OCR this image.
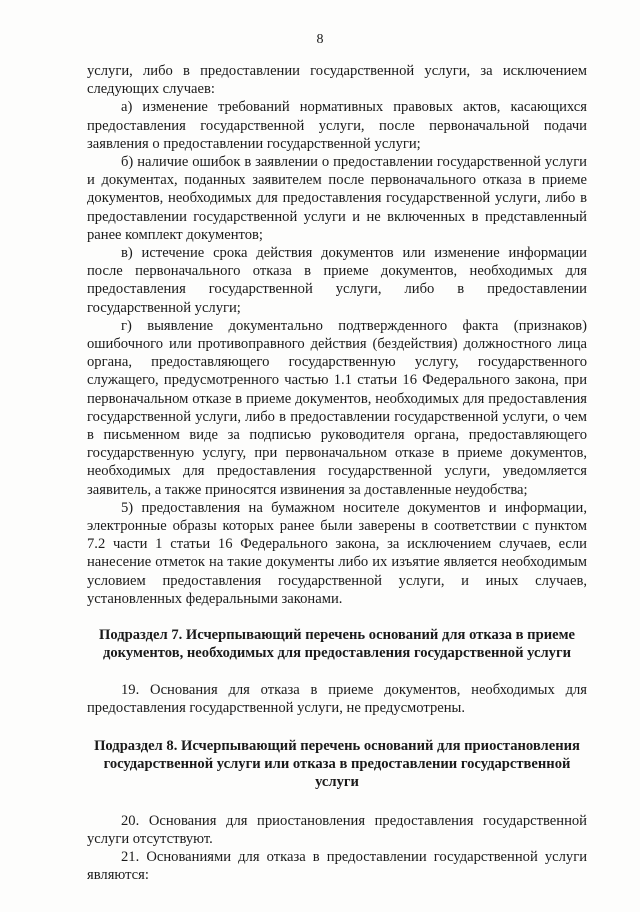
8

услуги, либо в предоставлении государственной услуги, за исключением следующих случаев:

а) изменение требований нормативных правовых актов, касающихся предоставления государственной услуги, после первоначальной подачи заявления о предоставлении государственной услуги;

б) наличие ошибок в заявлении о предоставлении государственной услуги и документах, поданных заявителем после первоначального отказа в приеме документов, необходимых для предоставления государственной услуги, либо в предоставлении государственной услуги и не включенных в представленный ранее комплект документов;

в) истечение срока действия документов или изменение информации после первоначального отказа в приеме документов, необходимых для предоставления государственной услуги, либо в предоставлении государственной услуги;

г) выявление документально подтвержденного факта (признаков) ошибочного или противоправного действия (бездействия) должностного лица органа, предоставляющего государственную услугу, государственного служащего, предусмотренного частью 1.1 статьи 16 Федерального закона, при первоначальном отказе в приеме документов, необходимых для предоставления государственной услуги, либо в предоставлении государственной услуги, о чем в письменном виде за подписью руководителя органа, предоставляющего государственную услугу, при первоначальном отказе в приеме документов, необходимых для предоставления государственной услуги, уведомляется заявитель, а также приносятся извинения за доставленные неудобства;

5) предоставления на бумажном носителе документов и информации, электронные образы которых ранее были заверены в соответствии с пунктом 7.2 части 1 статьи 16 Федерального закона, за исключением случаев, если нанесение отметок на такие документы либо их изъятие является необходимым условием предоставления государственной услуги, и иных случаев, установленных федеральными законами.

Подраздел 7. Исчерпывающий перечень оснований для отказа в приеме документов, необходимых для предоставления государственной услуги

19. Основания для отказа в приеме документов, необходимых для предоставления государственной услуги, не предусмотрены.

Подраздел 8. Исчерпывающий перечень оснований для приостановления государственной услуги или отказа в предоставлении государственной услуги

20. Основания для приостановления предоставления государственной услуги отсутствуют.

21. Основаниями для отказа в предоставлении государственной услуги являются:
